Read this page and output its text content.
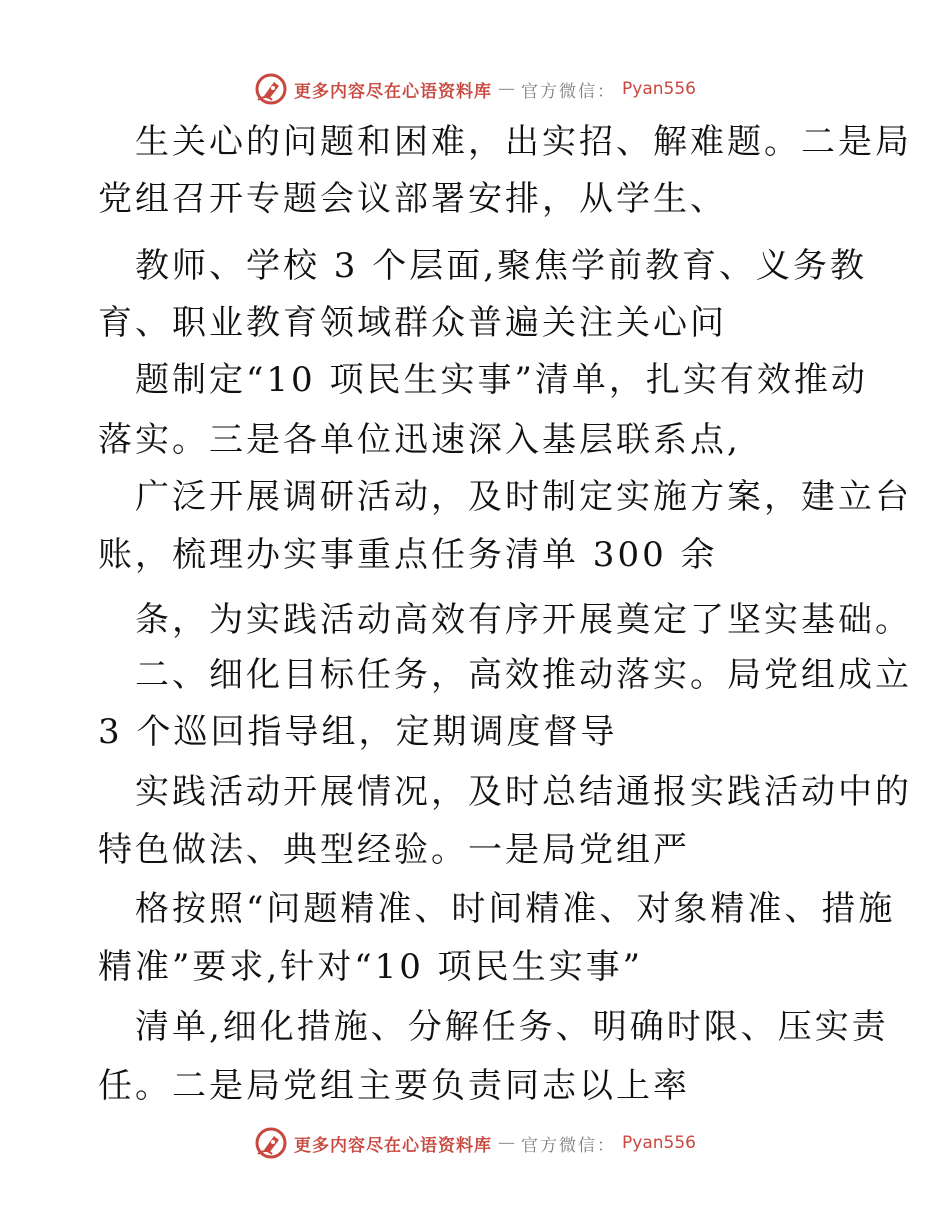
更多内容尽在心语资料库 — 官方微信： Pyan556
生关心的问题和困难，出实招、解难题。二是局
党组召开专题会议部署安排，从学生、
教师、学校 3 个层面,聚焦学前教育、义务教
育、职业教育领域群众普遍关注关心问
题制定“10 项民生实事”清单，扎实有效推动
落实。三是各单位迅速深入基层联系点,
广泛开展调研活动，及时制定实施方案，建立台
账，梳理办实事重点任务清单 300 余
条，为实践活动高效有序开展奠定了坚实基础。
二、细化目标任务，高效推动落实。局党组成立
3 个巡回指导组，定期调度督导
实践活动开展情况，及时总结通报实践活动中的
特色做法、典型经验。一是局党组严
格按照“问题精准、时间精准、对象精准、措施
精准”要求,针对“10 项民生实事”
清单,细化措施、分解任务、明确时限、压实责
任。二是局党组主要负责同志以上率
更多内容尽在心语资料库 — 官方微信： Pyan556
